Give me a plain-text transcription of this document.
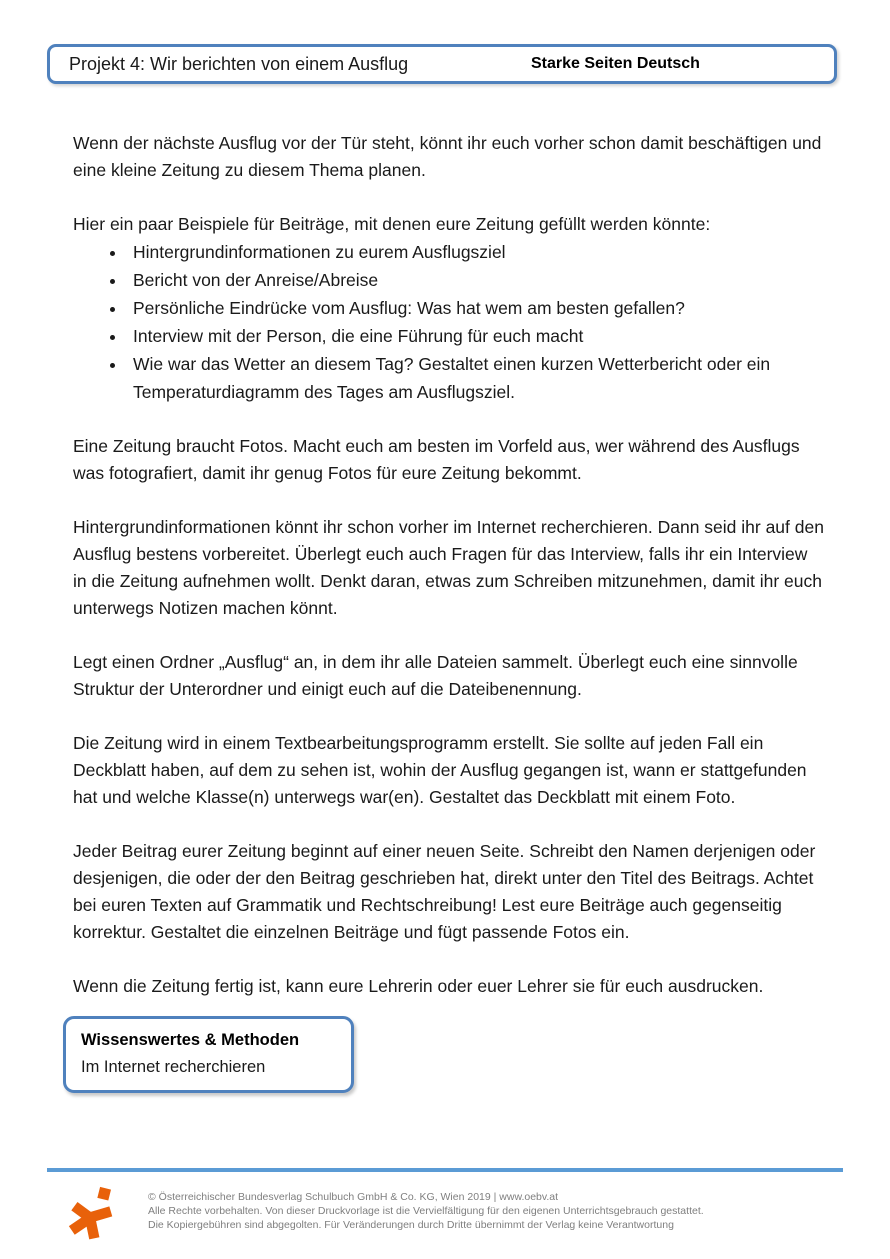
Projekt 4: Wir berichten von einem Ausflug	Starke Seiten Deutsch

Wenn der nächste Ausflug vor der Tür steht, könnt ihr euch vorher schon damit beschäftigen und eine kleine Zeitung zu diesem Thema planen.

Hier ein paar Beispiele für Beiträge, mit denen eure Zeitung gefüllt werden könnte:

• Hintergrundinformationen zu eurem Ausflugsziel
• Bericht von der Anreise/Abreise
• Persönliche Eindrücke vom Ausflug: Was hat wem am besten gefallen?
• Interview mit der Person, die eine Führung für euch macht
• Wie war das Wetter an diesem Tag? Gestaltet einen kurzen Wetterbericht oder ein Temperaturdiagramm des Tages am Ausflugsziel.

Eine Zeitung braucht Fotos. Macht euch am besten im Vorfeld aus, wer während des Ausflugs was fotografiert, damit ihr genug Fotos für eure Zeitung bekommt.

Hintergrundinformationen könnt ihr schon vorher im Internet recherchieren. Dann seid ihr auf den Ausflug bestens vorbereitet. Überlegt euch auch Fragen für das Interview, falls ihr ein Interview in die Zeitung aufnehmen wollt. Denkt daran, etwas zum Schreiben mitzunehmen, damit ihr euch unterwegs Notizen machen könnt.

Legt einen Ordner „Ausflug“ an, in dem ihr alle Dateien sammelt. Überlegt euch eine sinnvolle Struktur der Unterordner und einigt euch auf die Dateibenennung.

Die Zeitung wird in einem Textbearbeitungsprogramm erstellt. Sie sollte auf jeden Fall ein Deckblatt haben, auf dem zu sehen ist, wohin der Ausflug gegangen ist, wann er stattgefunden hat und welche Klasse(n) unterwegs war(en). Gestaltet das Deckblatt mit einem Foto.

Jeder Beitrag eurer Zeitung beginnt auf einer neuen Seite. Schreibt den Namen derjenigen oder desjenigen, die oder der den Beitrag geschrieben hat, direkt unter den Titel des Beitrags. Achtet bei euren Texten auf Grammatik und Rechtschreibung! Lest eure Beiträge auch gegenseitig korrektur. Gestaltet die einzelnen Beiträge und fügt passende Fotos ein.

Wenn die Zeitung fertig ist, kann eure Lehrerin oder euer Lehrer sie für euch ausdrucken.

Wissenswertes & Methoden
Im Internet recherchieren
© Österreichischer Bundesverlag Schulbuch GmbH & Co. KG, Wien 2019 | www.oebv.at
Alle Rechte vorbehalten. Von dieser Druckvorlage ist die Vervielfältigung für den eigenen Unterrichtsgebrauch gestattet.
Die Kopiergebühren sind abgegolten. Für Veränderungen durch Dritte übernimmt der Verlag keine Verantwortung
